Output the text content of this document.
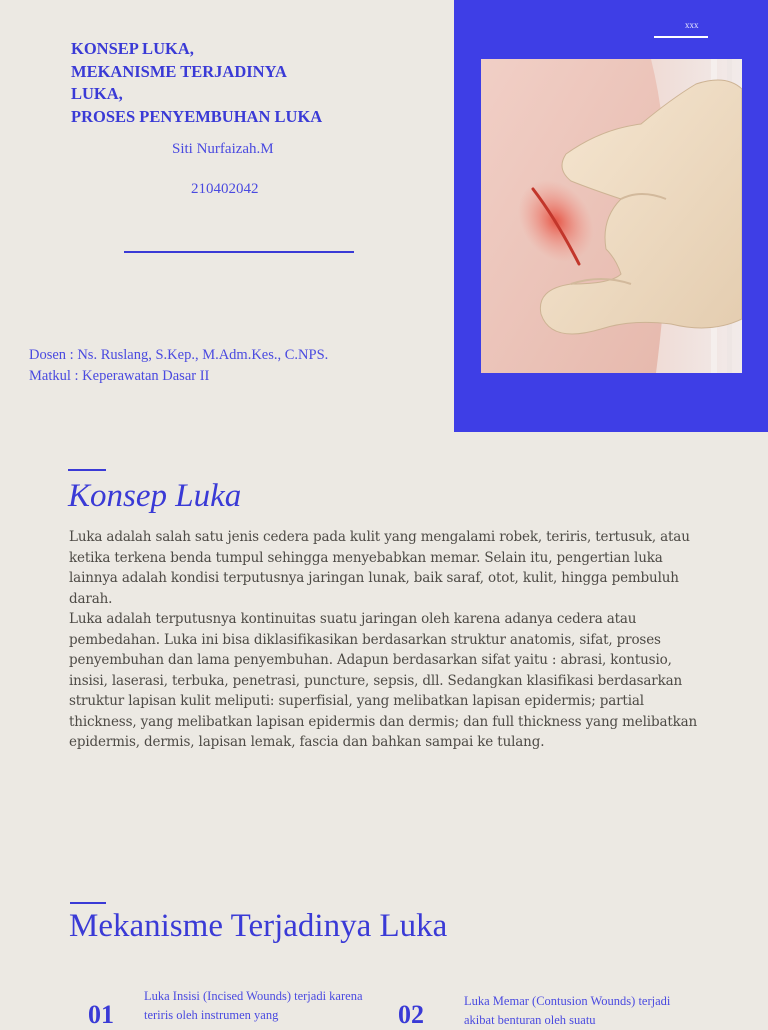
xxx
KONSEP LUKA,
MEKANISME TERJADINYA
LUKA,
PROSES PENYEMBUHAN LUKA
Siti Nurfaizah.M
210402042
Dosen : Ns. Ruslang, S.Kep., M.Adm.Kes., C.NPS.
Matkul : Keperawatan Dasar II
Konsep Luka

Luka adalah salah satu jenis cedera pada kulit yang mengalami robek, teriris, tertusuk, atau ketika terkena benda tumpul sehingga menyebabkan memar. Selain itu, pengertian luka lainnya adalah kondisi terputusnya jaringan lunak, baik saraf, otot, kulit, hingga pembuluh darah.

Luka adalah terputusnya kontinuitas suatu jaringan oleh karena adanya cedera atau pembedahan. Luka ini bisa diklasifikasikan berdasarkan struktur anatomis, sifat, proses penyembuhan dan lama penyembuhan. Adapun berdasarkan sifat yaitu : abrasi, kontusio, insisi, laserasi, terbuka, penetrasi, puncture, sepsis, dll. Sedangkan klasifikasi berdasarkan struktur lapisan kulit meliputi: superfisial, yang melibatkan lapisan epidermis; partial thickness, yang melibatkan lapisan epidermis dan dermis; dan full thickness yang melibatkan epidermis, dermis, lapisan lemak, fascia dan bahkan sampai ke tulang.

Mekanisme Terjadinya Luka
01
Luka Insisi (Incised Wounds) terjadi karena teriris oleh instrumen yang	02	Luka Memar (Contusion Wounds) terjadi akibat benturan oleh suatu
